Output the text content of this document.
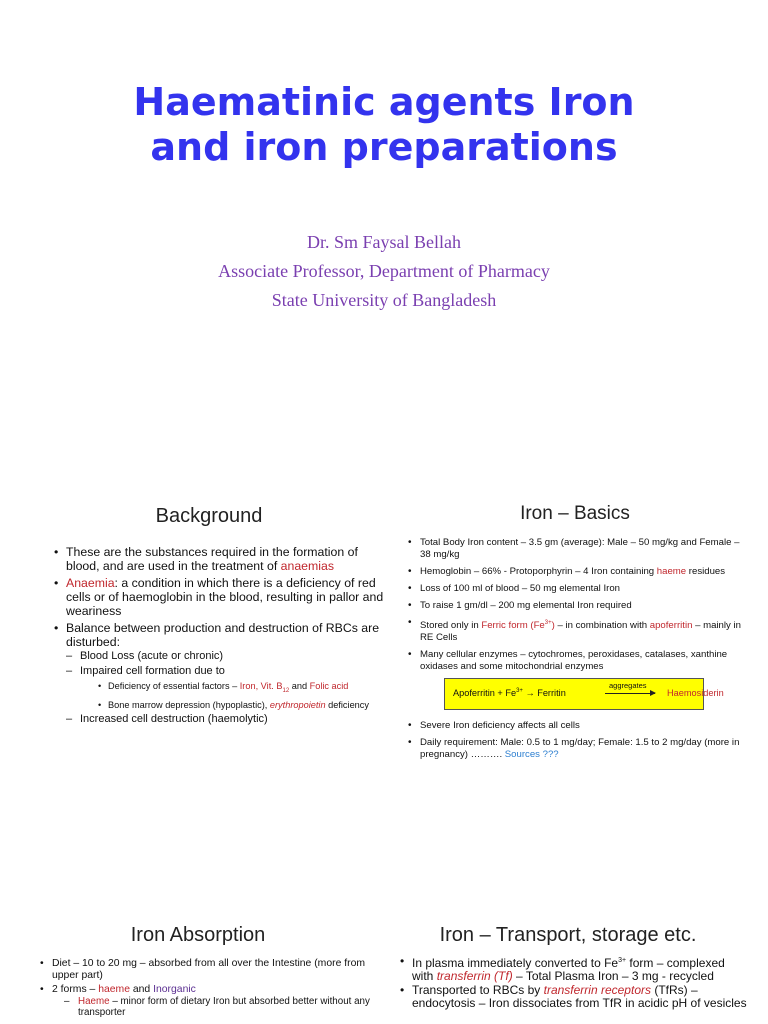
Haematinic agents Iron
and iron preparations
Dr. Sm Faysal Bellah
Associate Professor, Department of Pharmacy
State University of Bangladesh
Background
• These are the substances required in the formation of blood, and are used in the treatment of anaemias
• Anaemia: a condition in which there is a deficiency of red cells or of haemoglobin in the blood, resulting in pallor and weariness
• Balance between production and destruction of RBCs are disturbed:
– Blood Loss (acute or chronic)
– Impaired cell formation due to
• Deficiency of essential factors – Iron, Vit. $B_{12}$ and Folic acid
• Bone marrow depression (hypoplastic), erythropoietin deficiency
– Increased cell destruction (haemolytic)
Iron – Basics
• Total Body Iron content – 3.5 gm (average): Male – 50 mg/kg and Female – 38 mg/kg
• Hemoglobin – 66% - Protoporphyrin – 4 Iron containing haeme residues
• Loss of 100 ml of blood – 50 mg elemental Iron
• To raise 1 gm/dl – 200 mg elemental Iron required
• Stored only in Ferric form $(Fe^{3+})$ – in combination with apoferritin – mainly in RE Cells
• Many cellular enzymes – cytochromes, peroxidases, catalases, xanthine oxidases and some mitochondrial enzymes
Apoferritin + $Fe^{3+}$ → Ferritin
aggregates
Haemosiderin
• Severe Iron deficiency affects all cells
• Daily requirement: Male: 0.5 to 1 mg/day; Female: 1.5 to 2 mg/day (more in pregnancy) ………. Sources ???
Iron Absorption
• Diet – 10 to 20 mg – absorbed from all over the Intestine (more from upper part)
• 2 forms – haeme and Inorganic
– Haeme – minor form of dietary Iron but absorbed better without any transporter
Iron – Transport, storage etc.
• In plasma immediately converted to $Fe^{3+}$ form – complexed with transferrin (Tf) – Total Plasma Iron – 3 mg - recycled
• Transported to RBCs by transferrin receptors (TfRs) – endocytosis – Iron dissociates from TfR in acidic pH of vesicles
